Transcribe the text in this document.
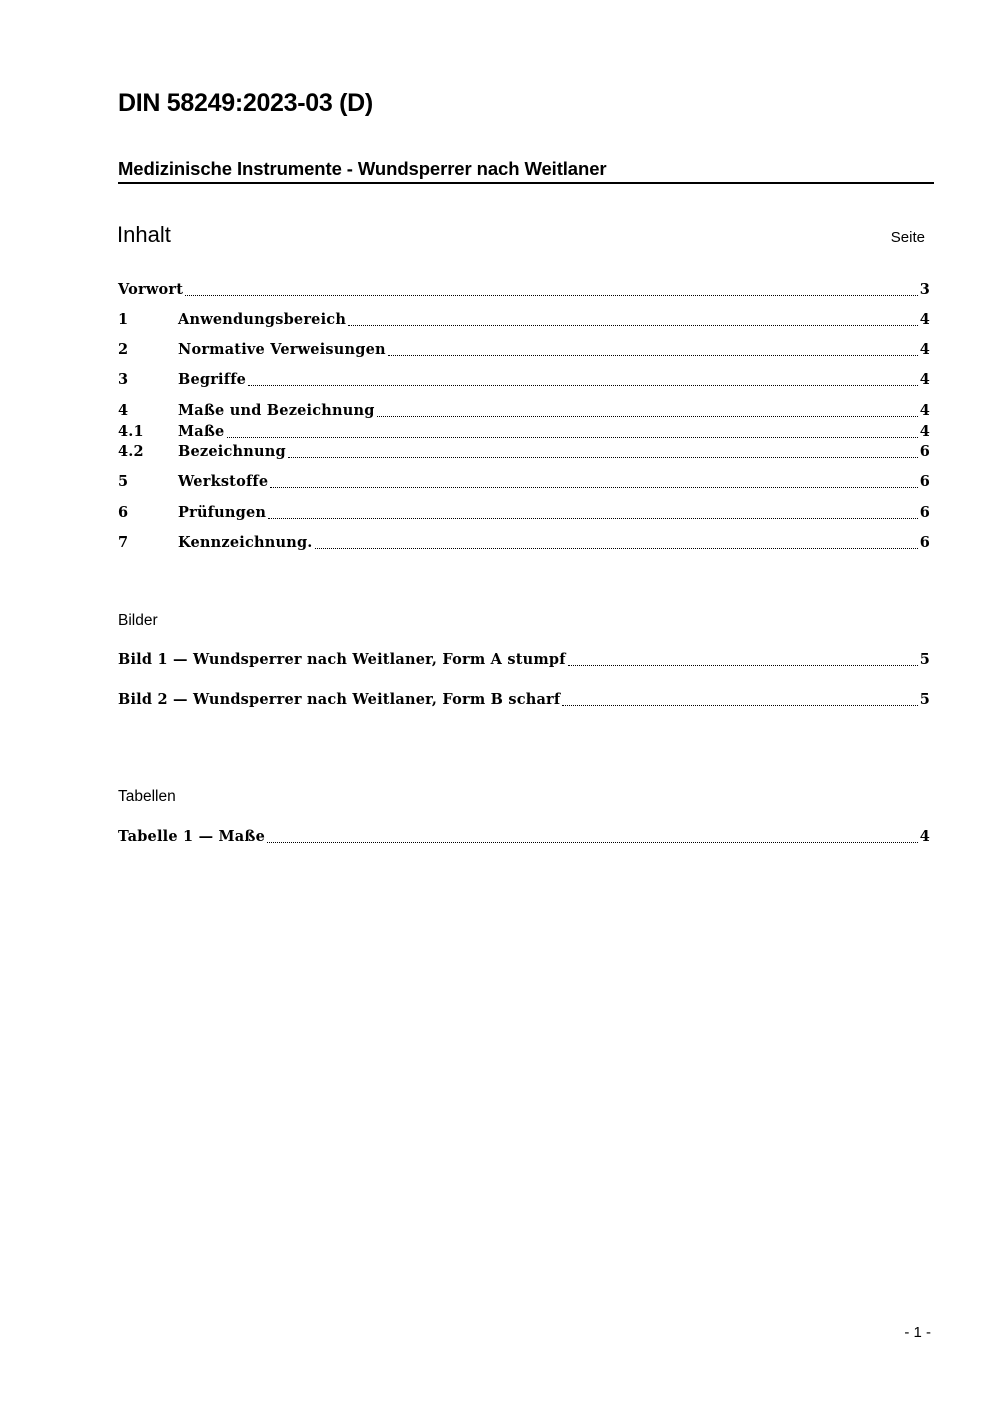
DIN 58249:2023-03 (D)
Medizinische Instrumente - Wundsperrer nach Weitlaner
Inhalt	Seite
Vorwort	3
1	Anwendungsbereich	4
2	Normative Verweisungen	4
3	Begriffe	4
4	Maße und Bezeichnung	4
4.1	Maße	4
4.2	Bezeichnung	6
5	Werkstoffe	6
6	Prüfungen	6
7	Kennzeichnung.	6
Bilder
Bild 1 — Wundsperrer nach Weitlaner, Form A stumpf	5
Bild 2 — Wundsperrer nach Weitlaner, Form B scharf	5
Tabellen
Tabelle 1 — Maße	4
- 1 -
